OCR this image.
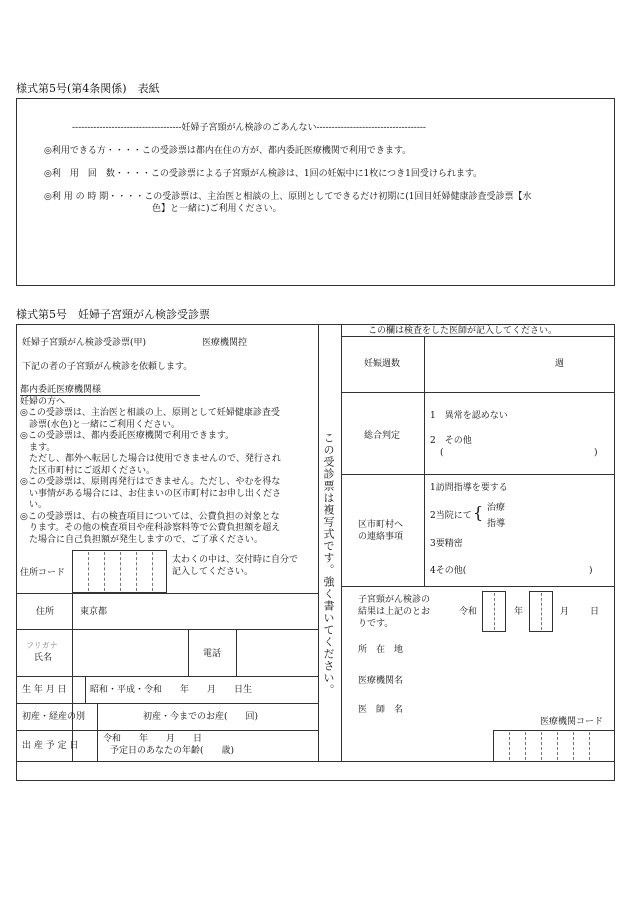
様式第5号(第4条関係)　表紙
------------------------------------妊婦子宮頸がん検診のごあんない------------------------------------
◎利用できる方・・・・この受診票は都内在住の方が、都内委託医療機関で利用できます。
◎利　用　回　数・・・・この受診票による子宮頸がん検診は、1回の妊娠中に1枚につき1回受けられます。
◎利 用 の 時 期・・・・この受診票は、主治医と相談の上、原則としてできるだけ初期に(1回目妊婦健康診査受診票【水
色】と一緒に)ご利用ください。
様式第5号　妊婦子宮頸がん検診受診票
妊婦子宮頸がん検診受診票(甲)	医療機関控
下記の者の子宮頸がん検診を依頼します。
都内委託医療機関様
妊婦の方へ
◎この受診票は、主治医と相談の上、原則として妊婦健康診査受
　診票(水色)と一緒にご利用ください。
◎この受診票は、都内委託医療機関で利用できます。
　ます。
　ただし、都外へ転居した場合は使用できませんので、発行され
　た区市町村にご返却ください。
◎この受診票は、原則再発行はできません。ただし、やむを得な
　い事情がある場合には、お住まいの区市町村にお申し出くださ
　い。
◎この受診票は、右の検査項目については、公費負担の対象とな
　ります。その他の検査項目や産科診察料等で公費負担額を超え
　た場合に自己負担額が発生しますので、ご了承ください。
住所コード
太わくの中は、交付時に自分で
記入してください。
住所	東京都
フリガナ
氏名	電話
生 年 月 日	昭和・平成・令和　　年　　月　　日生
初産・経産の別	初産・今までのお産(　　回)
出 産 予 定 日
令和　　年　　月　　日
予定日のあなたの年齢(　　歳)
この受診票は複写式です。強く書いてください。
この欄は検査をした医師が記入してください。
妊娠週数	週
総合判定
1　異常を認めない
2　その他
(	)
区市町村へ
の連絡事項
1訪問指導を要する
2当院にて { 治療
指導
3要精密
4その他(	)
子宮頸がん検診の
結果は上記のとお
りです。
令和	年	月 日
所　在　地
医療機関名
医　師　名
医療機関コード
